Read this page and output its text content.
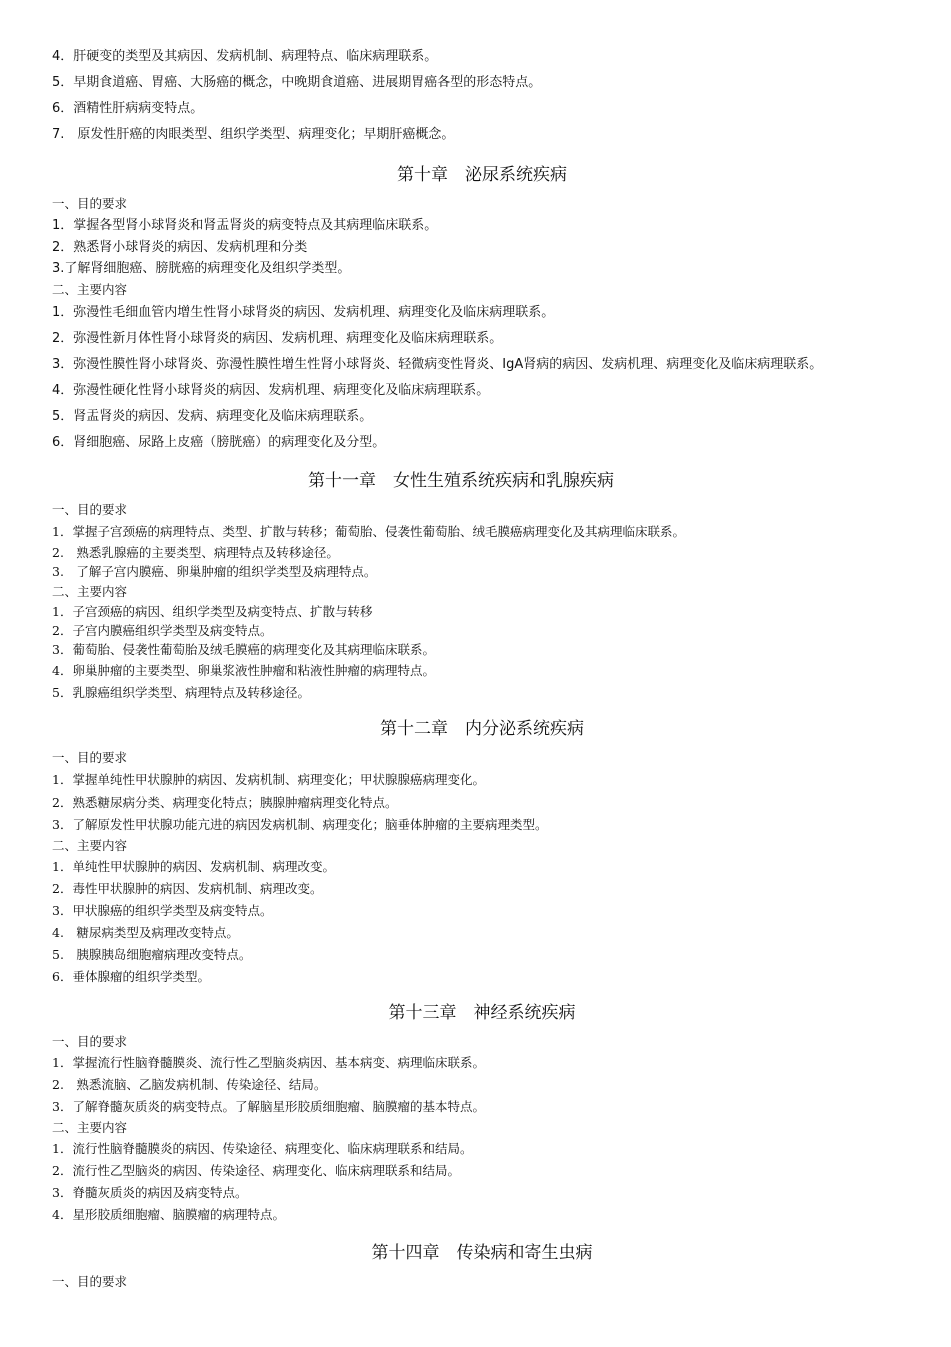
4．肝硬变的类型及其病因、发病机制、病理特点、临床病理联系。
5．早期食道癌、胃癌、大肠癌的概念，中晚期食道癌、进展期胃癌各型的形态特点。
6．酒精性肝病病变特点。
7.　原发性肝癌的肉眼类型、组织学类型、病理变化；早期肝癌概念。
第十章　泌尿系统疾病
一、目的要求
1．掌握各型肾小球肾炎和肾盂肾炎的病变特点及其病理临床联系。
2．熟悉肾小球肾炎的病因、发病机理和分类
3.了解肾细胞癌、膀胱癌的病理变化及组织学类型。
二、主要内容
1．弥漫性毛细血管内增生性肾小球肾炎的病因、发病机理、病理变化及临床病理联系。
2．弥漫性新月体性肾小球肾炎的病因、发病机理、病理变化及临床病理联系。
3．弥漫性膜性肾小球肾炎、弥漫性膜性增生性肾小球肾炎、轻微病变性肾炎、IgA肾病的病因、发病机理、病理变化及临床病理联系。
4．弥漫性硬化性肾小球肾炎的病因、发病机理、病理变化及临床病理联系。
5．肾盂肾炎的病因、发病、病理变化及临床病理联系。
6．肾细胞癌、尿路上皮癌（膀胱癌）的病理变化及分型。
第十一章　女性生殖系统疾病和乳腺疾病
一、目的要求
1．掌握子宫颈癌的病理特点、类型、扩散与转移；葡萄胎、侵袭性葡萄胎、绒毛膜癌病理变化及其病理临床联系。
2.　熟悉乳腺癌的主要类型、病理特点及转移途径。
3.　了解子宫内膜癌、卵巢肿瘤的组织学类型及病理特点。
二、主要内容
1．子宫颈癌的病因、组织学类型及病变特点、扩散与转移
2．子宫内膜癌组织学类型及病变特点。
3．葡萄胎、侵袭性葡萄胎及绒毛膜癌的病理变化及其病理临床联系。
4．卵巢肿瘤的主要类型、卵巢浆液性肿瘤和粘液性肿瘤的病理特点。
5．乳腺癌组织学类型、病理特点及转移途径。
第十二章　内分泌系统疾病
一、目的要求
1．掌握单纯性甲状腺肿的病因、发病机制、病理变化；甲状腺腺癌病理变化。
2．熟悉糖尿病分类、病理变化特点；胰腺肿瘤病理变化特点。
3．了解原发性甲状腺功能亢进的病因发病机制、病理变化；脑垂体肿瘤的主要病理类型。
二、主要内容
1．单纯性甲状腺肿的病因、发病机制、病理改变。
2．毒性甲状腺肿的病因、发病机制、病理改变。
3．甲状腺癌的组织学类型及病变特点。
4.　糖尿病类型及病理改变特点。
5.　胰腺胰岛细胞瘤病理改变特点。
6．垂体腺瘤的组织学类型。
第十三章　神经系统疾病
一、目的要求
1．掌握流行性脑脊髓膜炎、流行性乙型脑炎病因、基本病变、病理临床联系。
2.　熟悉流脑、乙脑发病机制、传染途径、结局。
3．了解脊髓灰质炎的病变特点。了解脑星形胶质细胞瘤、脑膜瘤的基本特点。
二、主要内容
1．流行性脑脊髓膜炎的病因、传染途径、病理变化、临床病理联系和结局。
2．流行性乙型脑炎的病因、传染途径、病理变化、临床病理联系和结局。
3．脊髓灰质炎的病因及病变特点。
4．星形胶质细胞瘤、脑膜瘤的病理特点。
第十四章　传染病和寄生虫病
一、目的要求
